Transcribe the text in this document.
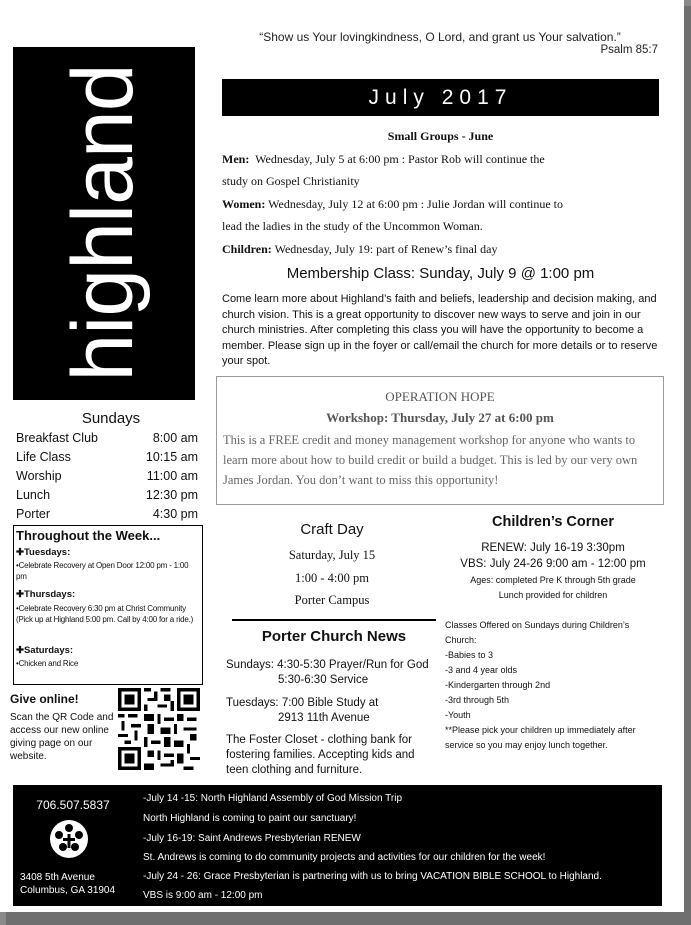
“Show us Your lovingkindness, O Lord, and grant us Your salvation.”
Psalm 85:7
highland	July 2017
Small Groups - June
Men: Wednesday, July 5 at 6:00 pm : Pastor Rob will continue the
study on Gospel Christianity
Women: Wednesday, July 12 at 6:00 pm : Julie Jordan will continue to
lead the ladies in the study of the Uncommon Woman.
Children: Wednesday, July 19: part of Renew’s final day
Membership Class: Sunday, July 9 @ 1:00 pm
Come learn more about Highland’s faith and beliefs, leadership and decision making, and church vision. This is a great opportunity to discover new ways to serve and join in our church ministries. After completing this class you will have the opportunity to become a member. Please sign up in the foyer or call/email the church for more details or to reserve your spot.
OPERATION HOPE
Workshop: Thursday, July 27 at 6:00 pm
This is a FREE credit and money management workshop for anyone who wants to learn more about how to build credit or build a budget. This is led by our very own James Jordan. You don’t want to miss this opportunity!
Sundays
Breakfast Club	8:00 am
Life Class	10:15 am
Worship	11:00 am
Lunch	12:30 pm
Porter	4:30 pm
Throughout the Week...
✚Tuesdays:
•Celebrate Recovery at Open Door 12:00 pm - 1:00 pm
✚Thursdays:
•Celebrate Recovery 6:30 pm at Christ Community (Pick up at Highland 5:00 pm. Call by 4:00 for a ride.)
✚Saturdays:
•Chicken and Rice
Give online!
Scan the QR Code and access our new online giving page on our website.
Craft Day
Saturday, July 15
1:00 - 4:00 pm
Porter Campus
Porter Church News
Sundays: 4:30-5:30 Prayer/Run for God
5:30-6:30 Service
Tuesdays: 7:00 Bible Study at
2913 11th Avenue
The Foster Closet - clothing bank for fostering families. Accepting kids and teen clothing and furniture.
Children’s Corner
RENEW: July 16-19 3:30pm
VBS: July 24-26 9:00 am - 12:00 pm
Ages: completed Pre K through 5th grade
Lunch provided for children
Classes Offered on Sundays during Children’s Church:
-Babies to 3
-3 and 4 year olds
-Kindergarten through 2nd
-3rd through 5th
-Youth
**Please pick your children up immediately after service so you may enjoy lunch together.
706.507.5837
3408 5th Avenue
Columbus, GA 31904
-July 14 -15: North Highland Assembly of God Mission Trip
North Highland is coming to paint our sanctuary!
-July 16-19: Saint Andrews Presbyterian RENEW
St. Andrews is coming to do community projects and activities for our children for the week!
-July 24 - 26: Grace Presbyterian is partnering with us to bring VACATION BIBLE SCHOOL to Highland.
VBS is 9:00 am - 12:00 pm
